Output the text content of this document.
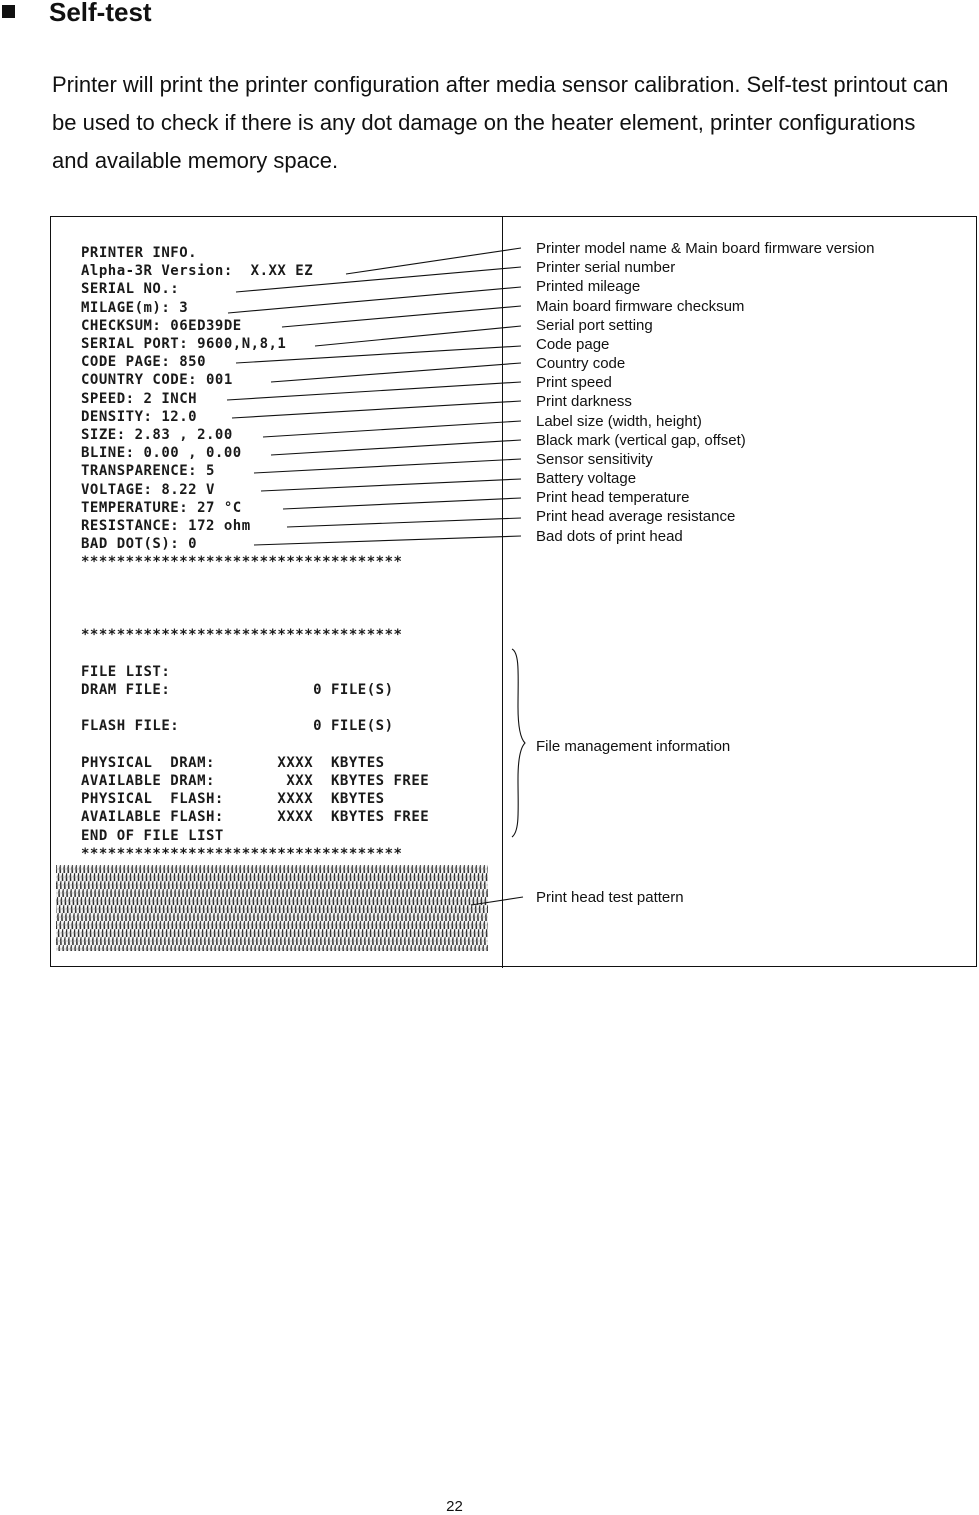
Self-test

Printer will print the printer configuration after media sensor calibration. Self-test printout can be used to check if there is any dot damage on the heater element, printer configurations and available memory space.

PRINTER INFO.
Alpha-3R Version:  X.XX EZ
SERIAL NO.:
MILAGE(m): 3
CHECKSUM: 06ED39DE
SERIAL PORT: 9600,N,8,1
CODE PAGE: 850
COUNTRY CODE: 001
SPEED: 2 INCH
DENSITY: 12.0
SIZE: 2.83 , 2.00
BLINE: 0.00 , 0.00
TRANSPARENCE: 5
VOLTAGE: 8.22 V
TEMPERATURE: 27 °C
RESISTANCE: 172 ohm
BAD DOT(S): 0
************************************

************************************

FILE LIST:
DRAM FILE:                0 FILE(S)

FLASH FILE:               0 FILE(S)

PHYSICAL  DRAM:       XXXX  KBYTES
AVAILABLE DRAM:        XXX  KBYTES FREE
PHYSICAL  FLASH:      XXXX  KBYTES
AVAILABLE FLASH:      XXXX  KBYTES FREE
END OF FILE LIST
************************************
Printer model name & Main board firmware version
Printer serial number
Printed mileage
Main board firmware checksum
Serial port setting
Code page
Country code
Print speed
Print darkness
Label size (width, height)
Black mark (vertical gap, offset)
Sensor sensitivity
Battery voltage
Print head temperature
Print head average resistance
Bad dots of print head
File management information
Print head test pattern
22
